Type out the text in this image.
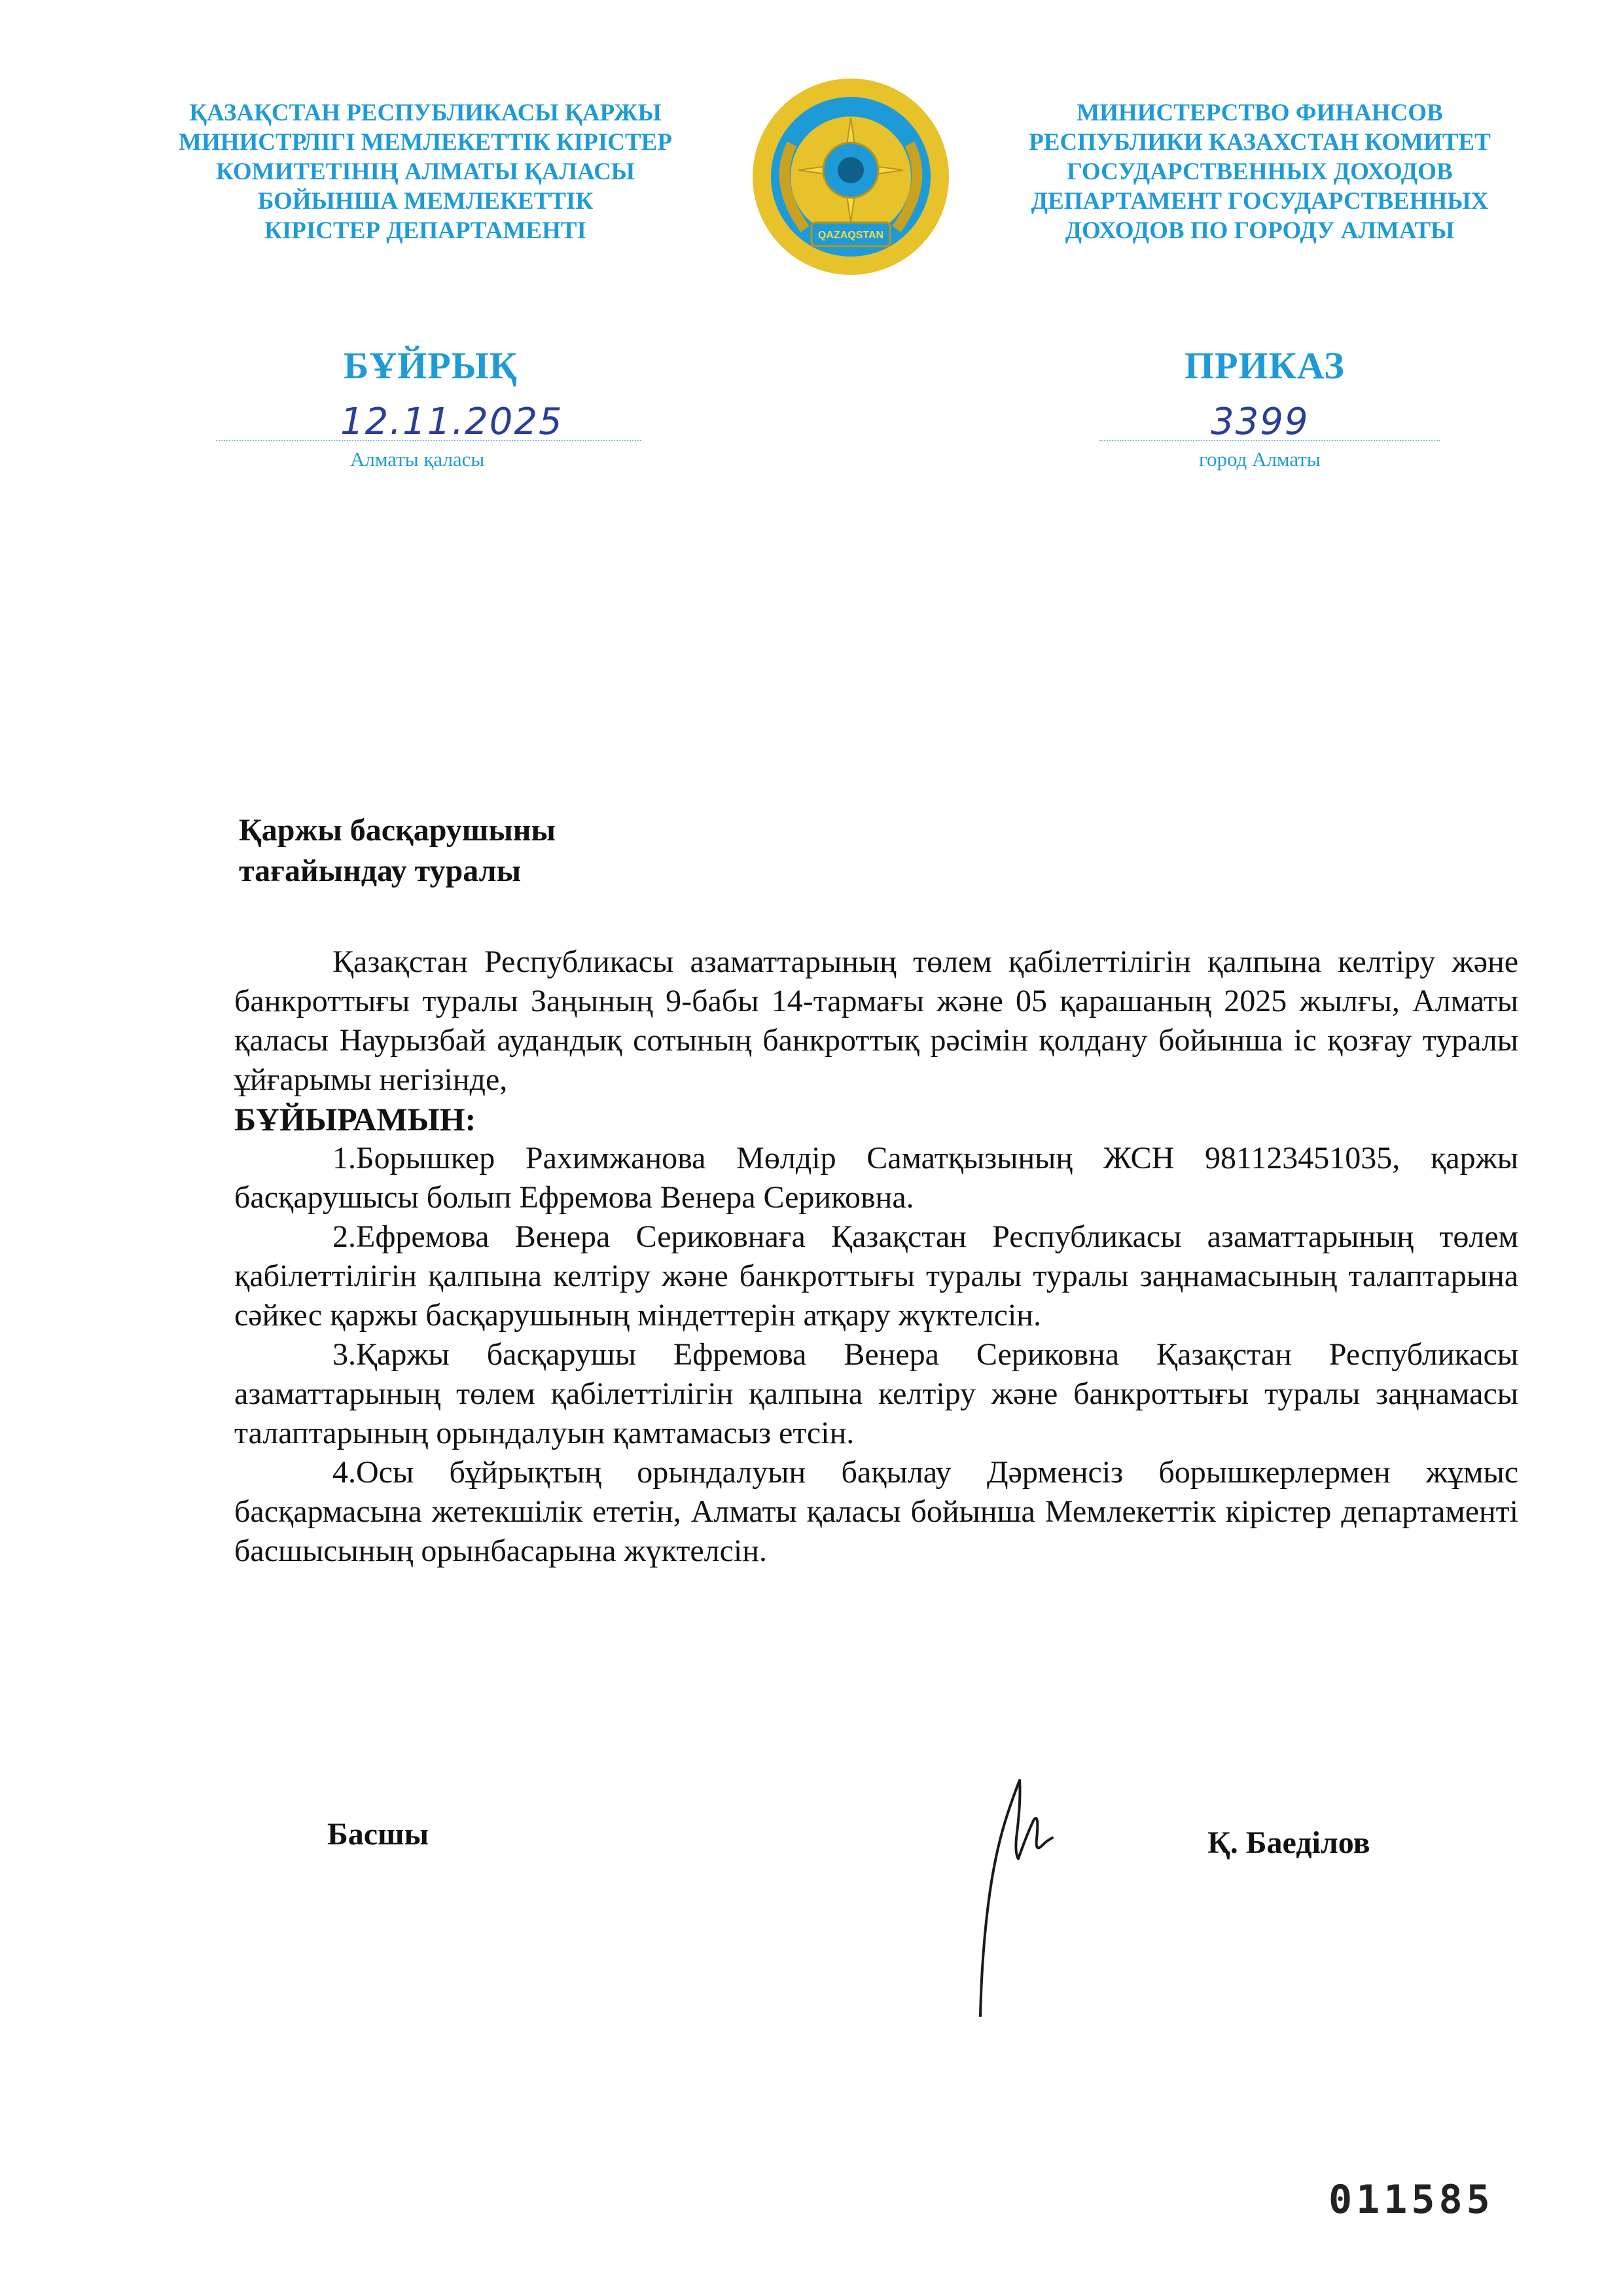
ҚАЗАҚСТАН РЕСПУБЛИКАСЫ ҚАРЖЫ
МИНИСТРЛІГІ МЕМЛЕКЕТТІК КІРІСТЕР
КОМИТЕТІНІҢ АЛМАТЫ ҚАЛАСЫ
БОЙЫНША МЕМЛЕКЕТТІК
КІРІСТЕР ДЕПАРТАМЕНТІ	QAZAQSTAN
МИНИСТЕРСТВО ФИНАНСОВ
РЕСПУБЛИКИ КАЗАХСТАН КОМИТЕТ
ГОСУДАРСТВЕННЫХ ДОХОДОВ
ДЕПАРТАМЕНТ ГОСУДАРСТВЕННЫХ
ДОХОДОВ ПО ГОРОДУ АЛМАТЫ
БҰЙРЫҚ	ПРИКАЗ
12.11.2025	3399
Алматы қаласы	город Алматы
Қаржы басқарушыны
тағайындау туралы

Қазақстан Республикасы азаматтарының төлем қабілеттілігін қалпына келтіру және банкроттығы туралы Заңының 9-бабы 14-тармағы және 05 қарашаның 2025 жылғы, Алматы қаласы Наурызбай аудандық сотының банкроттық рәсімін қолдану бойынша іс қозғау туралы ұйғарымы негізінде,

БҰЙЫРАМЫН:

1.Борышкер Рахимжанова Мөлдір Саматқызының ЖСН 981123451035, қаржы басқарушысы болып Ефремова Венера Сериковна.

2.Ефремова Венера Сериковнаға Қазақстан Республикасы азаматтарының төлем қабілеттілігін қалпына келтіру және банкроттығы туралы туралы заңнамасының талаптарына сәйкес қаржы басқарушының міндеттерін атқару жүктелсін.

3.Қаржы басқарушы Ефремова Венера Сериковна Қазақстан Республикасы азаматтарының төлем қабілеттілігін қалпына келтіру және банкроттығы туралы заңнамасы талаптарының орындалуын қамтамасыз етсін.

4.Осы бұйрықтың орындалуын бақылау Дәрменсіз борышкерлермен жұмыс басқармасына жетекшілік ететін, Алматы қаласы бойынша Мемлекеттік кірістер департаменті басшысының орынбасарына жүктелсін.

Басшы	Қ. Баеділов
011585
